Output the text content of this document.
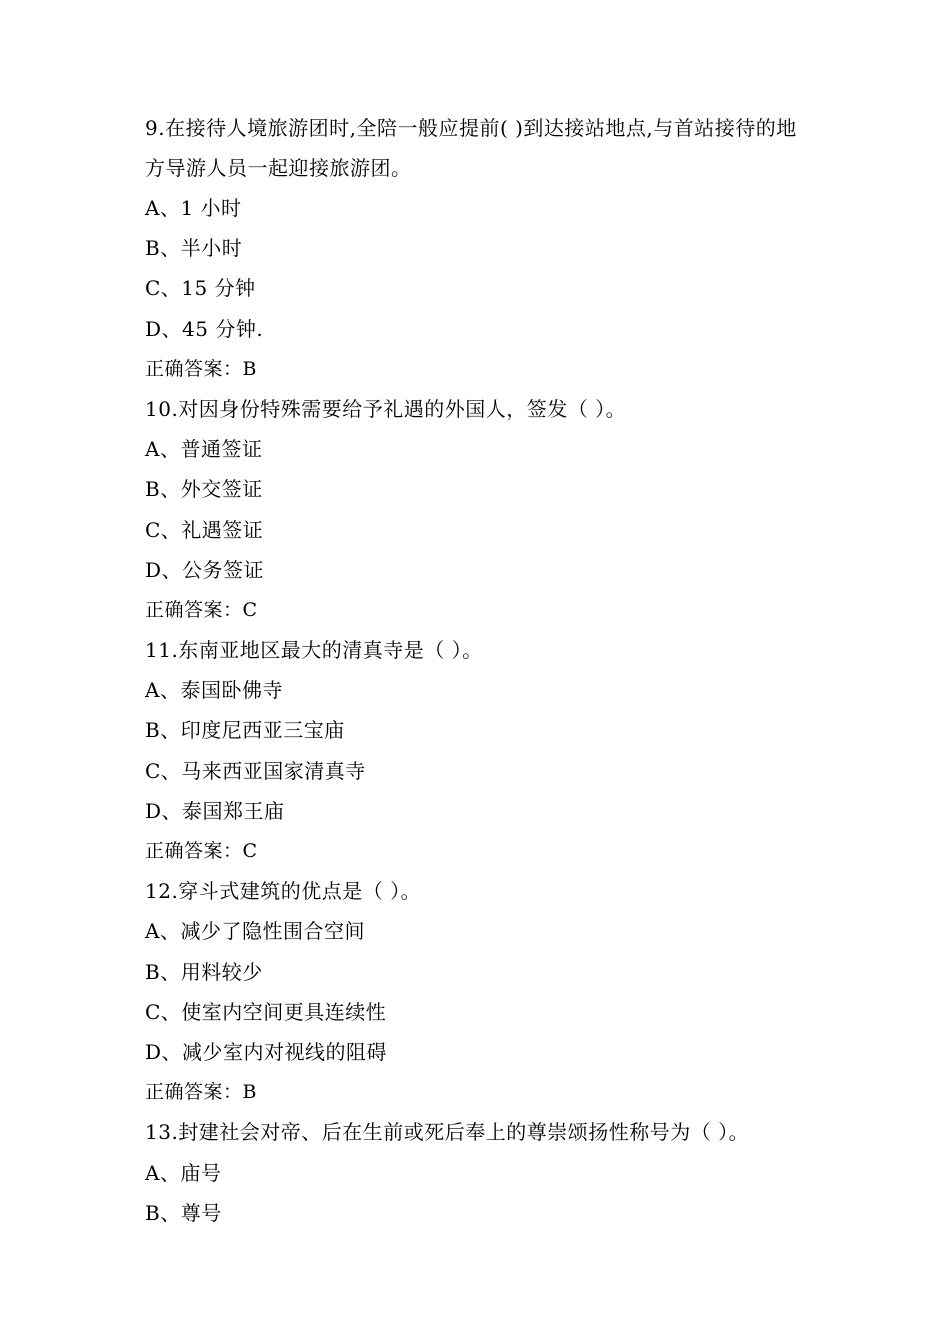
9.在接待人境旅游团时,全陪一般应提前( )到达接站地点,与首站接待的地方导游人员一起迎接旅游团。
A、1 小时
B、半小时
C、15 分钟
D、45 分钟.
正确答案：B
10.对因身份特殊需要给予礼遇的外国人，签发（ ）。
A、普通签证
B、外交签证
C、礼遇签证
D、公务签证
正确答案：C
11.东南亚地区最大的清真寺是（ ）。
A、泰国卧佛寺
B、印度尼西亚三宝庙
C、马来西亚国家清真寺
D、泰国郑王庙
正确答案：C
12.穿斗式建筑的优点是（ ）。
A、减少了隐性围合空间
B、用料较少
C、使室内空间更具连续性
D、减少室内对视线的阻碍
正确答案：B
13.封建社会对帝、后在生前或死后奉上的尊崇颂扬性称号为（ ）。
A、庙号
B、尊号
